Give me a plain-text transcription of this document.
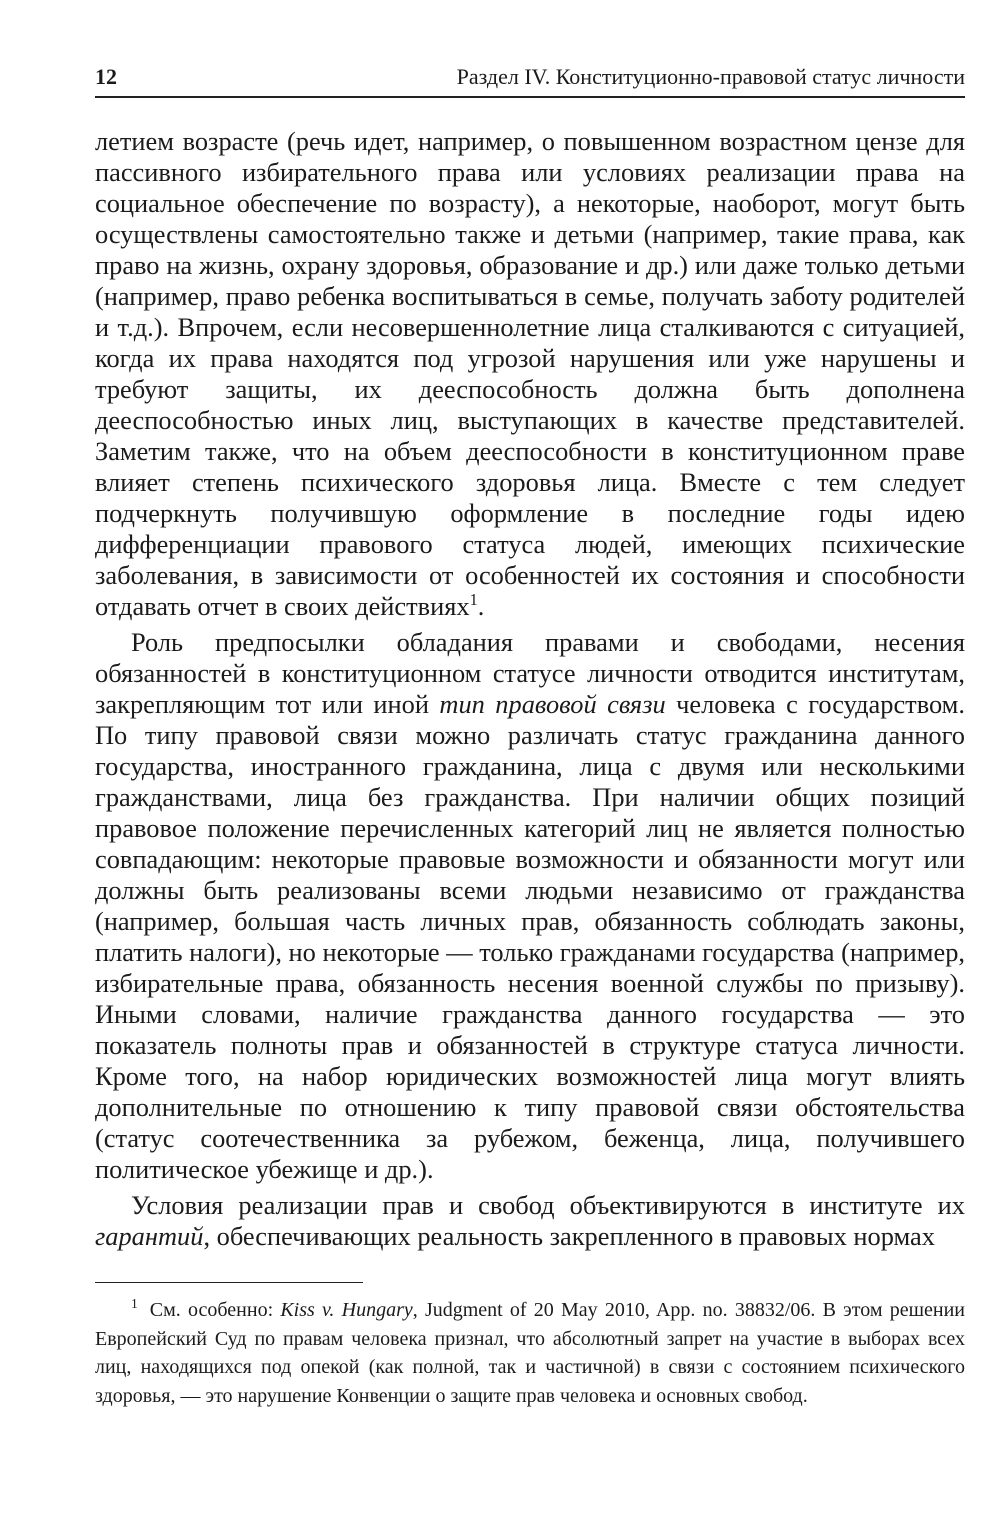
12	Раздел IV. Конституционно-правовой статус личности

летием возрасте (речь идет, например, о повышенном возрастном цензе для пассивного избирательного права или условиях реализации права на социальное обеспечение по возрасту), а некоторые, наоборот, могут быть осуществлены самостоятельно также и детьми (например, такие права, как право на жизнь, охрану здоровья, образование и др.) или даже только детьми (например, право ребенка воспитываться в семье, получать заботу родителей и т.д.). Впрочем, если несовершеннолетние лица сталкиваются с ситуацией, когда их права находятся под угрозой нарушения или уже нарушены и требуют защиты, их дееспособность должна быть дополнена дееспособностью иных лиц, выступающих в качестве представителей. Заметим также, что на объем дееспособности в конституционном праве влияет степень психического здоровья лица. Вместе с тем следует подчеркнуть получившую оформление в последние годы идею дифференциации правового статуса людей, имеющих психические заболевания, в зависимости от особенностей их состояния и способности отдавать отчет в своих действиях$^1$.

Роль предпосылки обладания правами и свободами, несения обязанностей в конституционном статусе личности отводится институтам, закрепляющим тот или иной тип правовой связи человека с государством. По типу правовой связи можно различать статус гражданина данного государства, иностранного гражданина, лица с двумя или несколькими гражданствами, лица без гражданства. При наличии общих позиций правовое положение перечисленных категорий лиц не является полностью совпадающим: некоторые правовые возможности и обязанности могут или должны быть реализованы всеми людьми независимо от гражданства (например, большая часть личных прав, обязанность соблюдать законы, платить налоги), но некоторые — только гражданами государства (например, избирательные права, обязанность несения военной службы по призыву). Иными словами, наличие гражданства данного государства — это показатель полноты прав и обязанностей в структуре статуса личности. Кроме того, на набор юридических возможностей лица могут влиять дополнительные по отношению к типу правовой связи обстоятельства (статус соотечественника за рубежом, беженца, лица, получившего политическое убежище и др.).

Условия реализации прав и свобод объективируются в институте их гарантий, обеспечивающих реальность закрепленного в правовых нормах

$^1$ См. особенно: Kiss v. Hungary, Judgment of 20 May 2010, App. no. 38832/06. В этом решении Европейский Суд по правам человека признал, что абсолютный запрет на участие в выборах всех лиц, находящихся под опекой (как полной, так и частичной) в связи с состоянием психического здоровья, — это нарушение Конвенции о защите прав человека и основных свобод.
